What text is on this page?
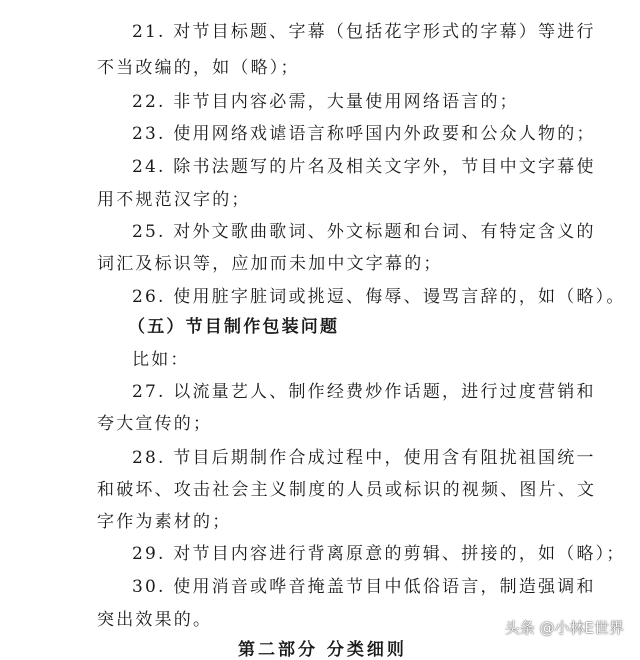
21. 对节目标题、字幕（包括花字形式的字幕）等进行
不当改编的，如（略）；
22. 非节目内容必需，大量使用网络语言的；
23. 使用网络戏谑语言称呼国内外政要和公众人物的；
24. 除书法题写的片名及相关文字外，节目中文字幕使
用不规范汉字的；
25. 对外文歌曲歌词、外文标题和台词、有特定含义的
词汇及标识等，应加而未加中文字幕的；
26. 使用脏字脏词或挑逗、侮辱、谩骂言辞的，如（略）。
（五）节目制作包装问题
比如：
27. 以流量艺人、制作经费炒作话题，进行过度营销和
夸大宣传的；
28. 节目后期制作合成过程中，使用含有阻扰祖国统一
和破坏、攻击社会主义制度的人员或标识的视频、图片、文
字作为素材的；
29. 对节目内容进行背离原意的剪辑、拼接的，如（略）；
30. 使用消音或哗音掩盖节目中低俗语言，制造强调和
突出效果的。
第二部分 分类细则
头条 @小林E世界
